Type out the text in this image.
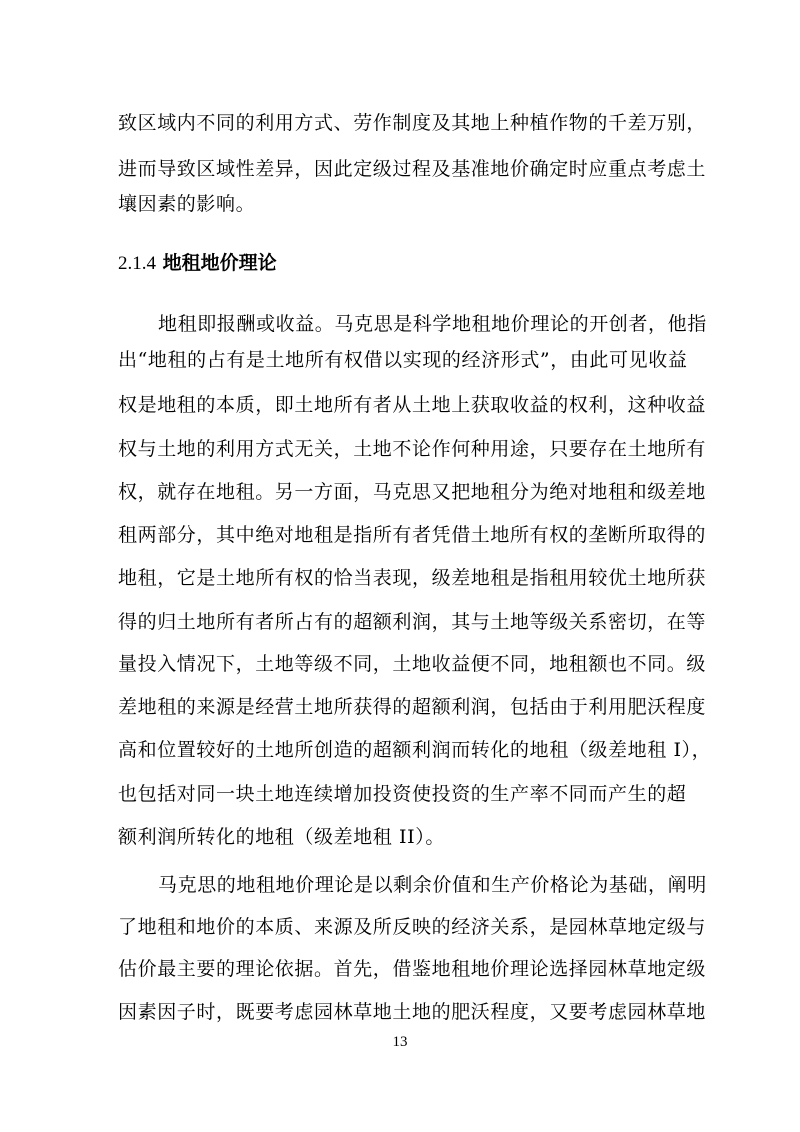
致区域内不同的利用方式、劳作制度及其地上种植作物的千差万别，
进而导致区域性差异，因此定级过程及基准地价确定时应重点考虑土
壤因素的影响。
2.1.4 地租地价理论
地租即报酬或收益。马克思是科学地租地价理论的开创者，他指
出“地租的占有是土地所有权借以实现的经济形式”，由此可见收益
权是地租的本质，即土地所有者从土地上获取收益的权利，这种收益
权与土地的利用方式无关，土地不论作何种用途，只要存在土地所有
权，就存在地租。另一方面，马克思又把地租分为绝对地租和级差地
租两部分，其中绝对地租是指所有者凭借土地所有权的垄断所取得的
地租，它是土地所有权的恰当表现，级差地租是指租用较优土地所获
得的归土地所有者所占有的超额利润，其与土地等级关系密切，在等
量投入情况下，土地等级不同，土地收益便不同，地租额也不同。级
差地租的来源是经营土地所获得的超额利润，包括由于利用肥沃程度
高和位置较好的土地所创造的超额利润而转化的地租（级差地租 I），
也包括对同一块土地连续增加投资使投资的生产率不同而产生的超
额利润所转化的地租（级差地租 II）。
马克思的地租地价理论是以剩余价值和生产价格论为基础，阐明
了地租和地价的本质、来源及所反映的经济关系，是园林草地定级与
估价最主要的理论依据。首先，借鉴地租地价理论选择园林草地定级
因素因子时，既要考虑园林草地土地的肥沃程度，又要考虑园林草地
13
